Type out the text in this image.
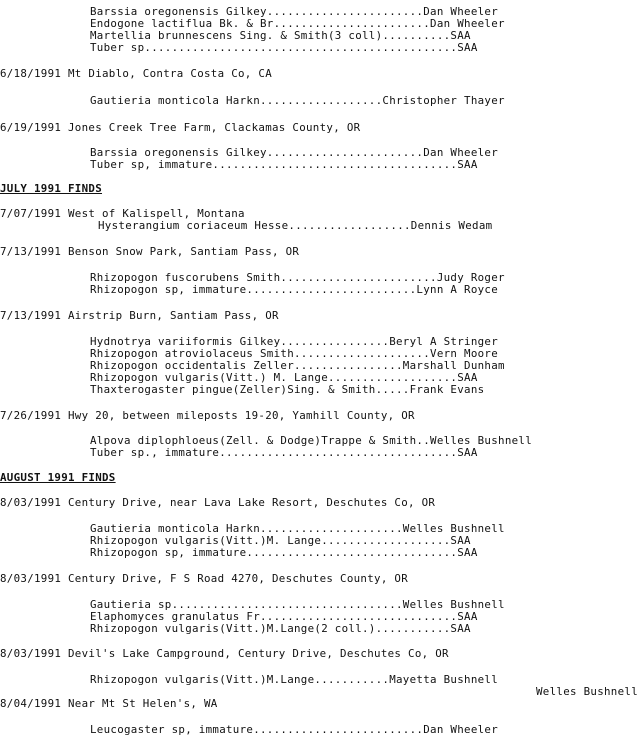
Barssia oregonensis Gilkey.......................Dan Wheeler
Endogone lactiflua Bk. & Br.......................Dan Wheeler
Martellia brunnescens Sing. & Smith(3 coll)..........SAA
Tuber sp..............................................SAA
6/18/1991 Mt Diablo, Contra Costa Co, CA
Gautieria monticola Harkn..................Christopher Thayer
6/19/1991 Jones Creek Tree Farm, Clackamas County, OR
Barssia oregonensis Gilkey.......................Dan Wheeler
Tuber sp, immature....................................SAA
JULY 1991 FINDS
7/07/1991 West of Kalispell, Montana
Hysterangium coriaceum Hesse..................Dennis Wedam
7/13/1991 Benson Snow Park, Santiam Pass, OR
Rhizopogon fuscorubens Smith.......................Judy Roger
Rhizopogon sp, immature.........................Lynn A Royce
7/13/1991 Airstrip Burn, Santiam Pass, OR
Hydnotrya variiformis Gilkey................Beryl A Stringer
Rhizopogon atroviolaceus Smith....................Vern Moore
Rhizopogon occidentalis Zeller................Marshall Dunham
Rhizopogon vulgaris(Vitt.) M. Lange...................SAA
Thaxterogaster pingue(Zeller)Sing. & Smith.....Frank Evans
7/26/1991 Hwy 20, between mileposts 19-20, Yamhill County, OR
Alpova diplophloeus(Zell. & Dodge)Trappe & Smith..Welles Bushnell
Tuber sp., immature...................................SAA
AUGUST 1991 FINDS
8/03/1991 Century Drive, near Lava Lake Resort, Deschutes Co, OR
Gautieria monticola Harkn.....................Welles Bushnell
Rhizopogon vulgaris(Vitt.)M. Lange...................SAA
Rhizopogon sp, immature...............................SAA
8/03/1991 Century Drive, F S Road 4270, Deschutes County, OR
Gautieria sp..................................Welles Bushnell
Elaphomyces granulatus Fr.............................SAA
Rhizopogon vulgaris(Vitt.)M.Lange(2 coll.)...........SAA
8/03/1991 Devil's Lake Campground, Century Drive, Deschutes Co, OR
Rhizopogon vulgaris(Vitt.)M.Lange...........Mayetta Bushnell
Welles Bushnell
8/04/1991 Near Mt St Helen's, WA
Leucogaster sp, immature.........................Dan Wheeler
